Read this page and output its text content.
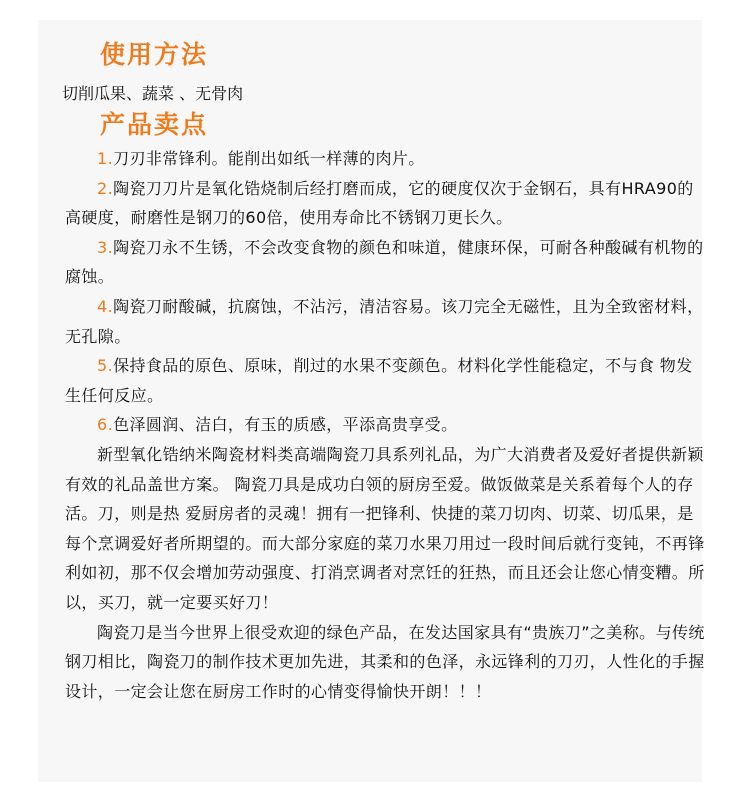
使用方法
切削瓜果、蔬菜 、无骨肉
产品卖点

1.刀刃非常锋利。能削出如纸一样薄的肉片。

2.陶瓷刀刀片是氧化锆烧制后经打磨而成，它的硬度仅次于金钢石，具有HRA90的高硬度，耐磨性是钢刀的60倍，使用寿命比不锈钢刀更长久。

3.陶瓷刀永不生锈，不会改变食物的颜色和味道，健康环保，可耐各种酸碱有机物的腐蚀。

4.陶瓷刀耐酸碱，抗腐蚀，不沾污，清洁容易。该刀完全无磁性，且为全致密材料，无孔隙。

5.保持食品的原色、原味，削过的水果不变颜色。材料化学性能稳定，不与食 物发生任何反应。

6.色泽圆润、洁白，有玉的质感，平添高贵享受。

新型氧化锆纳米陶瓷材料类高端陶瓷刀具系列礼品，为广大消费者及爱好者提供新颖有效的礼品盖世方案。 陶瓷刀具是成功白领的厨房至爱。做饭做菜是关系着每个人的存活。刀，则是热 爱厨房者的灵魂！拥有一把锋利、快捷的菜刀切肉、切菜、切瓜果，是每个烹调爱好者所期望的。而大部分家庭的菜刀水果刀用过一段时间后就行变钝，不再锋利如初，那不仅会增加劳动强度、打消烹调者对烹饪的狂热，而且还会让您心情变糟。所以，买刀，就一定要买好刀！

陶瓷刀是当今世界上很受欢迎的绿色产品，在发达国家具有“贵族刀”之美称。与传统钢刀相比，陶瓷刀的制作技术更加先进，其柔和的色泽，永远锋利的刀刃，人性化的手握设计，一定会让您在厨房工作时的心情变得愉快开朗！！！
